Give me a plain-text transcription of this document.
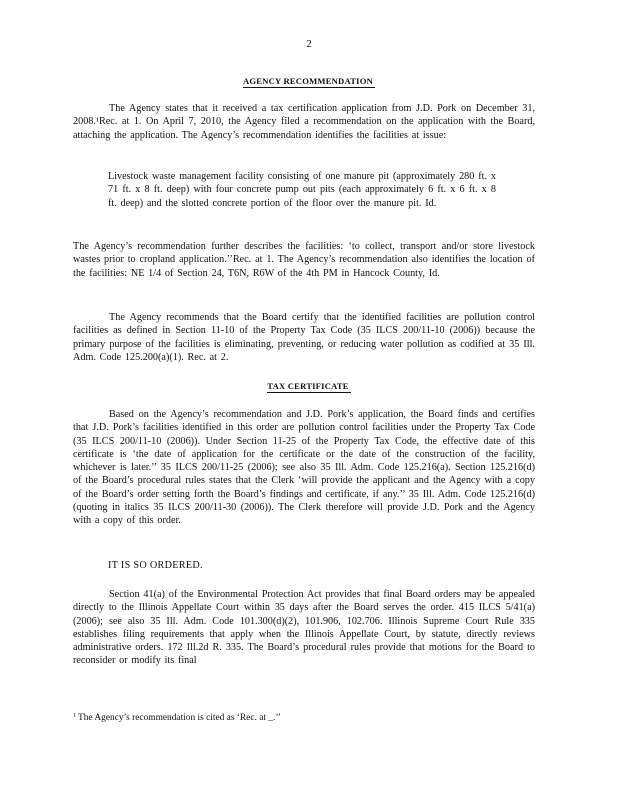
2
AGENCY RECOMMENDATION
The Agency states that it received a tax certification application from J.D. Pork on December 31, 2008.¹Rec. at 1. On April 7, 2010, the Agency filed a recommendation on the application with the Board, attaching the application. The Agency’s recommendation identifies the facilities at issue:
Livestock waste management facility consisting of one manure pit (approximately 280 ft. x 71 ft. x 8 ft. deep) with four concrete pump out pits (each approximately 6 ft. x 6 ft. x 8 ft. deep) and the slotted concrete portion of the floor over the manure pit. Id.
The Agency’s recommendation further describes the facilities: ‘to collect, transport and/or store livestock wastes prior to cropland application.’’Rec. at 1. The Agency’s recommendation also identifies the location of the facilities: NE 1/4 of Section 24, T6N, R6W of the 4th PM in Hancock County, Id.
The Agency recommends that the Board certify that the identified facilities are pollution control facilities as defined in Section 11-10 of the Property Tax Code (35 ILCS 200/11-10 (2006)) because the primary purpose of the facilities is eliminating, preventing, or reducing water pollution as codified at 35 Ill. Adm. Code 125.200(a)(1). Rec. at 2.
TAX CERTIFICATE
Based on the Agency’s recommendation and J.D. Pork’s application, the Board finds and certifies that J.D. Pork’s facilities identified in this order are pollution control facilities under the Property Tax Code (35 ILCS 200/11-10 (2006)). Under Section 11-25 of the Property Tax Code, the effective date of this certificate is ‘the date of application for the certificate or the date of the construction of the facility, whichever is later.’’ 35 ILCS 200/11-25 (2006); see also 35 Ill. Adm. Code 125.216(a). Section 125.216(d) of the Board’s procedural rules states that the Clerk ‘will provide the applicant and the Agency with a copy of the Board’s order setting forth the Board’s findings and certificate, if any.’’ 35 Ill. Adm. Code 125.216(d) (quoting in italics 35 ILCS 200/11-30 (2006)). The Clerk therefore will provide J.D. Pork and the Agency with a copy of this order.
IT IS SO ORDERED.
Section 41(a) of the Environmental Protection Act provides that final Board orders may be appealed directly to the Illinois Appellate Court within 35 days after the Board serves the order. 415 ILCS 5/41(a) (2006); see also 35 Ill. Adm. Code 101.300(d)(2), 101.906, 102.706. Illinois Supreme Court Rule 335 establishes filing requirements that apply when the Illinois Appellate Court, by statute, directly reviews administrative orders. 172 Ill.2d R. 335. The Board’s procedural rules provide that motions for the Board to reconsider or modify its final
$^1$ The Agency’s recommendation is cited as ‘Rec. at _.’’
